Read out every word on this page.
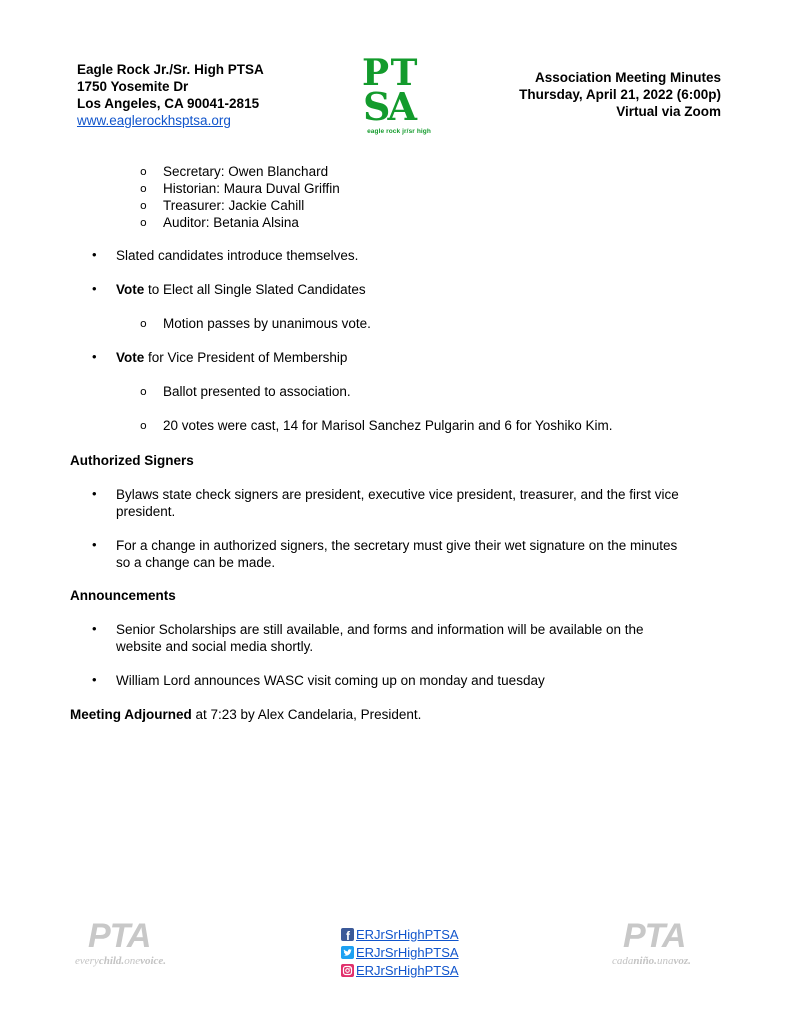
Eagle Rock Jr./Sr. High PTSA
1750 Yosemite Dr
Los Angeles, CA 90041-2815
www.eaglerockhsptsa.org
P T
SA
eagle rock jr/sr high
Association Meeting Minutes
Thursday, April 21, 2022 (6:00p)
Virtual via Zoom
o Secretary: Owen Blanchard
o Historian: Maura Duval Griffin
o Treasurer: Jackie Cahill
o Auditor: Betania Alsina
• Slated candidates introduce themselves.
• Vote to Elect all Single Slated Candidates
o Motion passes by unanimous vote.
• Vote for Vice President of Membership
o Ballot presented to association.
o 20 votes were cast, 14 for Marisol Sanchez Pulgarin and 6 for Yoshiko Kim.
Authorized Signers
• Bylaws state check signers are president, executive vice president, treasurer, and the first vice
president.
• For a change in authorized signers, the secretary must give their wet signature on the minutes
so a change can be made.
Announcements
• Senior Scholarships are still available, and forms and information will be available on the
website and social media shortly.
• William Lord announces WASC visit coming up on monday and tuesday
Meeting Adjourned at 7:23 by Alex Candelaria, President.
PTA
everychild.onevoice.
f ERJrSrHighPTSA
ERJrSrHighPTSA
ERJrSrHighPTSA
PTA
cadaniño.unavoz.
